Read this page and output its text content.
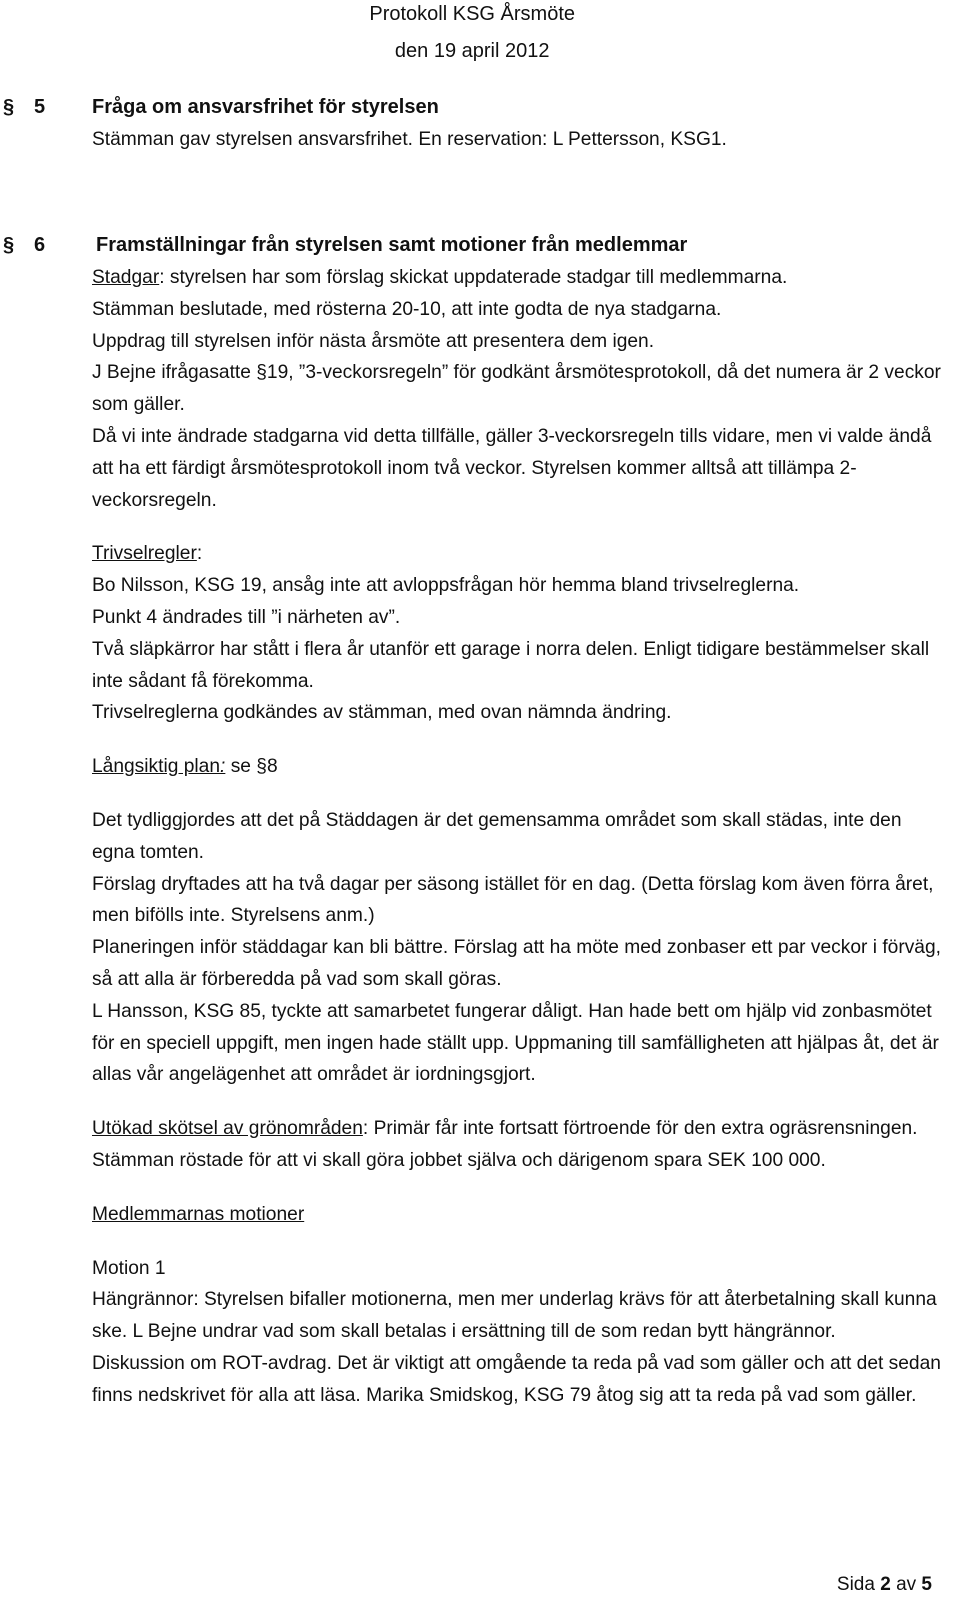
Protokoll KSG Årsmöte
den 19 april 2012
§ 5 Fråga om ansvarsfrihet för styrelsen

Stämman gav styrelsen ansvarsfrihet. En reservation: L Pettersson, KSG1.

§ 6	Framställningar från styrelsen samt motioner från medlemmar

Stadgar: styrelsen har som förslag skickat uppdaterade stadgar till medlemmarna.

Stämman beslutade, med rösterna 20-10, att inte godta de nya stadgarna.

Uppdrag till styrelsen inför nästa årsmöte att presentera dem igen.

J Bejne ifrågasatte §19, ”3-veckorsregeln” för godkänt årsmötesprotokoll, då det numera är 2 veckor som gäller.

Då vi inte ändrade stadgarna vid detta tillfälle, gäller 3-veckorsregeln tills vidare, men vi valde ändå att ha ett färdigt årsmötesprotokoll inom två veckor. Styrelsen kommer alltså att tillämpa 2-veckorsregeln.

Trivselregler:

Bo Nilsson, KSG 19, ansåg inte att avloppsfrågan hör hemma bland trivselreglerna.

Punkt 4 ändrades till ”i närheten av”.

Två släpkärror har stått i flera år utanför ett garage i norra delen. Enligt tidigare bestämmelser skall inte sådant få förekomma.

Trivselreglerna godkändes av stämman, med ovan nämnda ändring.

Långsiktig plan: se §8

Det tydliggjordes att det på Städdagen är det gemensamma området som skall städas, inte den egna tomten.

Förslag dryftades att ha två dagar per säsong istället för en dag. (Detta förslag kom även förra året, men bifölls inte. Styrelsens anm.)

Planeringen inför städdagar kan bli bättre. Förslag att ha möte med zonbaser ett par veckor i förväg, så att alla är förberedda på vad som skall göras.

L Hansson, KSG 85, tyckte att samarbetet fungerar dåligt. Han hade bett om hjälp vid zonbasmötet för en speciell uppgift, men ingen hade ställt upp. Uppmaning till samfälligheten att hjälpas åt, det är allas vår angelägenhet att området är iordningsgjort.

Utökad skötsel av grönområden: Primär får inte fortsatt förtroende för den extra ogräsrensningen. Stämman röstade för att vi skall göra jobbet själva och därigenom spara SEK 100 000.

Medlemmarnas motioner

Motion 1

Hängrännor: Styrelsen bifaller motionerna, men mer underlag krävs för att återbetalning skall kunna ske. L Bejne undrar vad som skall betalas i ersättning till de som redan bytt hängrännor.

Diskussion om ROT-avdrag. Det är viktigt att omgående ta reda på vad som gäller och att det sedan finns nedskrivet för alla att läsa. Marika Smidskog, KSG 79 åtog sig att ta reda på vad som gäller.

Sida 2 av 5
